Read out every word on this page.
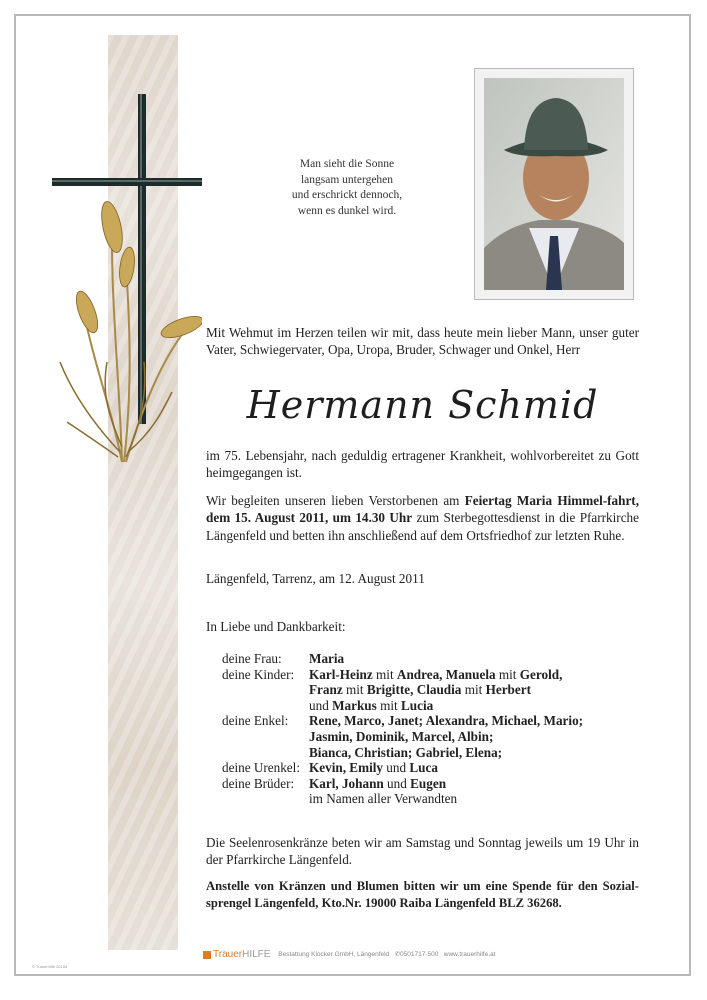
Man sieht die Sonne
langsam untergehen
und erschrickt dennoch,
wenn es dunkel wird.
Mit Wehmut im Herzen teilen wir mit, dass heute mein lieber Mann, unser guter Vater, Schwiegervater, Opa, Uropa, Bruder, Schwager und Onkel, Herr
Hermann Schmid
im 75. Lebensjahr, nach geduldig ertragener Krankheit, wohlvorbereitet zu Gott heimgegangen ist.
Wir begleiten unseren lieben Verstorbenen am Feiertag Maria Himmel-fahrt, dem 15. August 2011, um 14.30 Uhr zum Sterbegottesdienst in die Pfarrkirche Längenfeld und betten ihn anschließend auf dem Ortsfriedhof zur letzten Ruhe.
Längenfeld, Tarrenz, am 12. August 2011
In Liebe und Dankbarkeit:
deine Frau:	Maria
deine Kinder:	Karl-Heinz mit Andrea, Manuela mit Gerold,
Franz mit Brigitte, Claudia mit Herbert
und Markus mit Lucia
deine Enkel:	Rene, Marco, Janet; Alexandra, Michael, Mario;
Jasmin, Dominik, Marcel, Albin;
Bianca, Christian; Gabriel, Elena;
deine Urenkel: Kevin, Emily und Luca
deine Brüder:	Karl, Johann und Eugen
im Namen aller Verwandten
Die Seelenrosenkränze beten wir am Samstag und Sonntag jeweils um 19 Uhr in der Pfarrkirche Längenfeld.
Anstelle von Kränzen und Blumen bitten wir um eine Spende für den Sozial-sprengel Längenfeld, Kto.Nr. 19000 Raiba Längenfeld BLZ 36268.
TrauerHILFE Bestattung Klocker GmbH, Längenfeld ✆0501717-500 www.trauerhilfe.at
© Trauerhilfe 20154
